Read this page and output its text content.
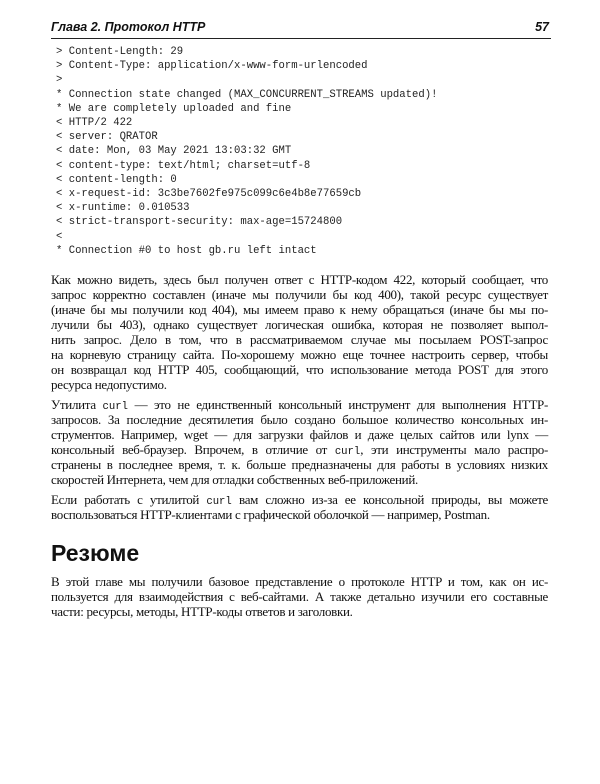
Глава 2. Протокол HTTP	57
> Content-Length: 29
> Content-Type: application/x-www-form-urlencoded
>
* Connection state changed (MAX_CONCURRENT_STREAMS updated)!
* We are completely uploaded and fine
< HTTP/2 422
< server: QRATOR
< date: Mon, 03 May 2021 13:03:32 GMT
< content-type: text/html; charset=utf-8
< content-length: 0
< x-request-id: 3c3be7602fe975c099c6e4b8e77659cb
< x-runtime: 0.010533
< strict-transport-security: max-age=15724800
<
* Connection #0 to host gb.ru left intact
Как можно видеть, здесь был получен ответ с HTTP-кодом 422, который сообщает, что
запрос корректно составлен (иначе мы получили бы код 400), такой ресурс существует
(иначе бы мы получили код 404), мы имеем право к нему обращаться (иначе бы мы по-
лучили бы 403), однако существует логическая ошибка, которая не позволяет выпол-
нить запрос. Дело в том, что в рассматриваемом случае мы посылаем POST-запрос
на корневую страницу сайта. По-хорошему можно еще точнее настроить сервер, чтобы
он возвращал код HTTP 405, сообщающий, что использование метода POST для этого
ресурса недопустимо.
Утилита curl — это не единственный консольный инструмент для выполнения HTTP-
запросов. За последние десятилетия было создано большое количество консольных ин-
струментов. Например, wget — для загрузки файлов и даже целых сайтов или lynx —
консольный веб-браузер. Впрочем, в отличие от curl, эти инструменты мало распро-
странены в последнее время, т. к. больше предназначены для работы в условиях низких
скоростей Интернета, чем для отладки собственных веб-приложений.
Если работать с утилитой curl вам сложно из-за ее консольной природы, вы можете
воспользоваться HTTP-клиентами с графической оболочкой — например, Postman.
Резюме
В этой главе мы получили базовое представление о протоколе HTTP и том, как он ис-
пользуется для взаимодействия с веб-сайтами. А также детально изучили его составные
части: ресурсы, методы, HTTP-коды ответов и заголовки.
